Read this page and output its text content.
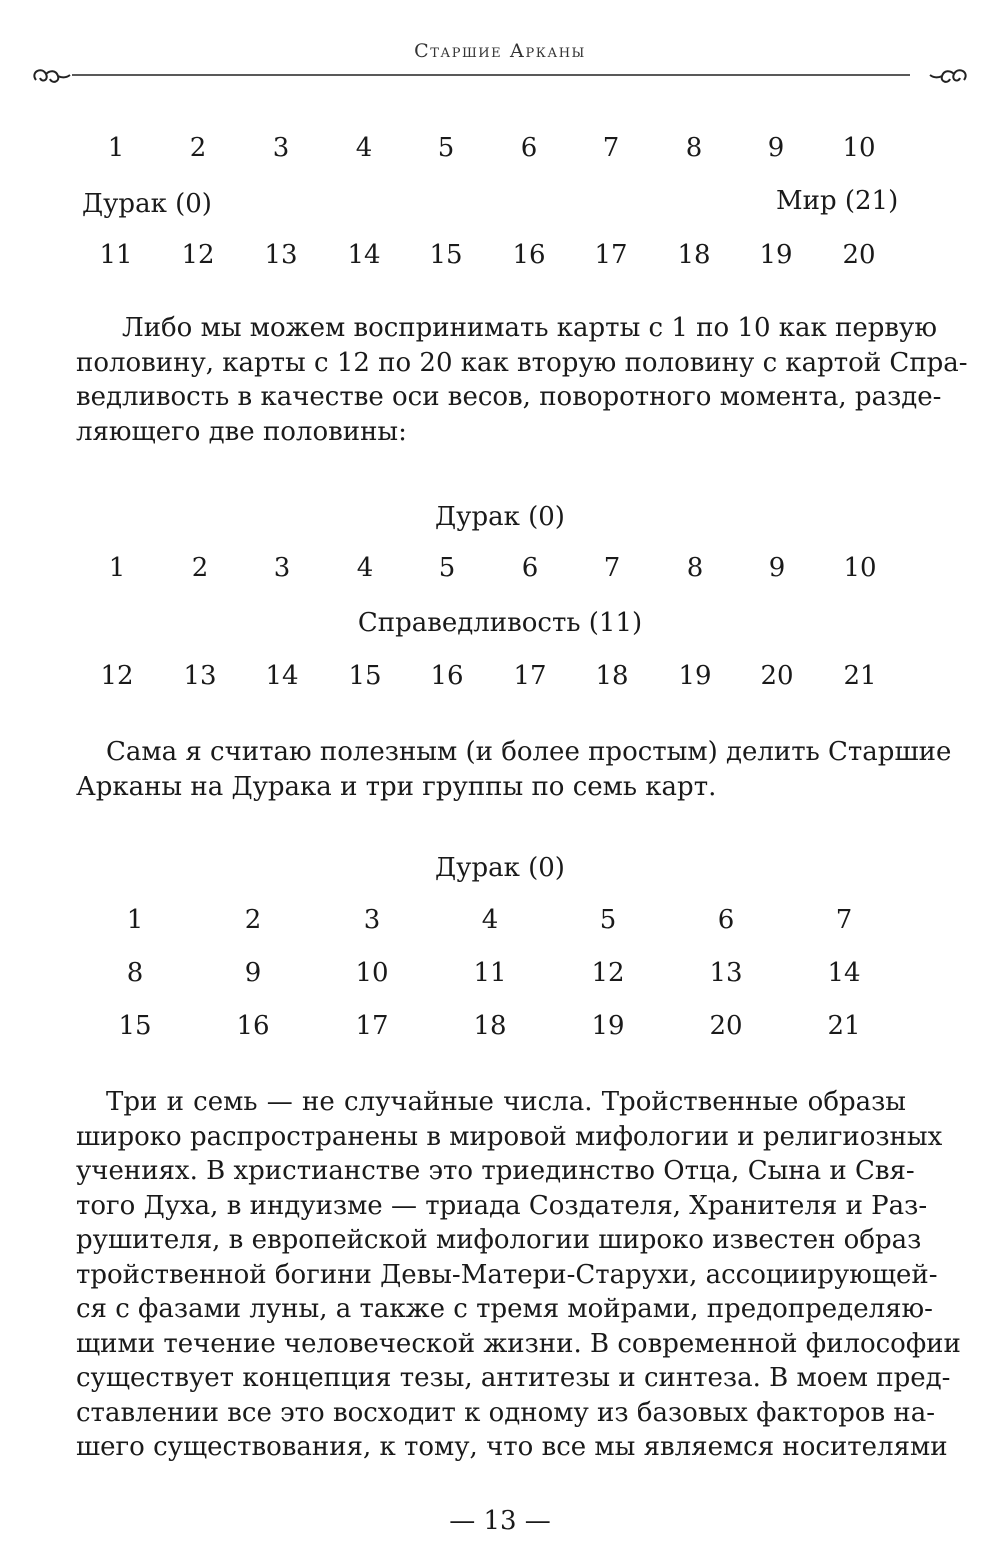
Старшие Арканы
1	2	3	4	5	6	7	8	9	10
Дурак (0)	Мир (21)
11	12	13	14	15	16	17	18	19	20
Либо мы можем воспринимать карты с 1 по 10 как первую
половину, карты с 12 по 20 как вторую половину с картой Спра-
ведливость в качестве оси весов, поворотного момента, разде-
ляющего две половины:
Дурак (0)
1	2	3	4	5	6	7	8	9	10
Справедливость (11)
12	13	14	15	16	17	18	19	20	21
Сама я считаю полезным (и более простым) делить Старшие
Арканы на Дурака и три группы по семь карт.
Дурак (0)
1	2	3	4	5	6	7
8	9	10	11	12	13	14
15	16	17	18	19	20	21
Три и семь — не случайные числа. Тройственные образы
широко распространены в мировой мифологии и религиозных
учениях. В христианстве это триединство Отца, Сына и Свя-
того Духа, в индуизме — триада Создателя, Хранителя и Раз-
рушителя, в европейской мифологии широко известен образ
тройственной богини Девы-Матери-Старухи, ассоциирующей-
ся с фазами луны, а также с тремя мойрами, предопределяю-
щими течение человеческой жизни. В современной философии
существует концепция тезы, антитезы и синтеза. В моем пред-
ставлении все это восходит к одному из базовых факторов на-
шего существования, к тому, что все мы являемся носителями
— 13 —
